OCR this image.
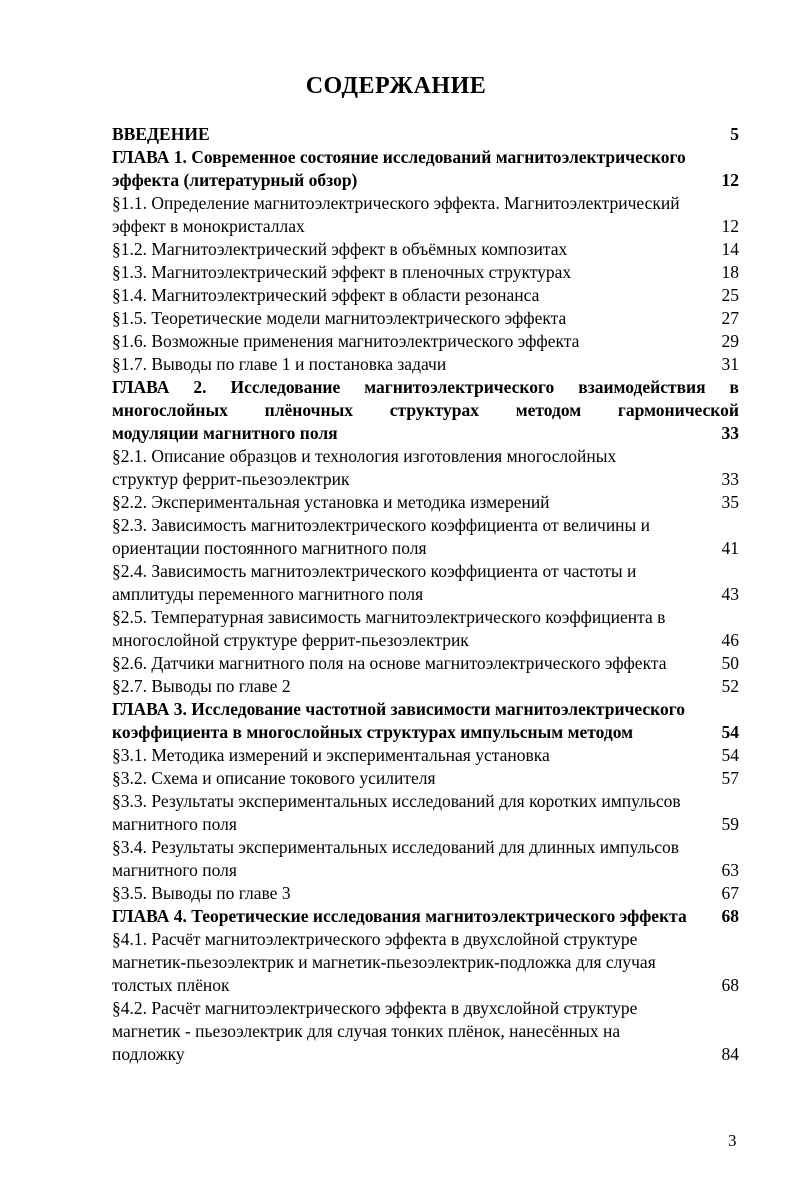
СОДЕРЖАНИЕ
ВВЕДЕНИЕ	5
ГЛАВА 1. Современное состояние исследований магнитоэлектрического
эффекта (литературный обзор)	12
§1.1. Определение магнитоэлектрического эффекта. Магнитоэлектрический
эффект в монокристаллах	12
§1.2. Магнитоэлектрический эффект в объёмных композитах	14
§1.3. Магнитоэлектрический эффект в пленочных структурах	18
§1.4. Магнитоэлектрический эффект в области резонанса	25
§1.5. Теоретические модели магнитоэлектрического эффекта	27
§1.6. Возможные применения магнитоэлектрического эффекта	29
§1.7. Выводы по главе 1 и постановка задачи	31
ГЛАВА 2. Исследование магнитоэлектрического взаимодействия в
многослойных плёночных структурах методом гармонической
модуляции магнитного поля	33
§2.1. Описание образцов и технология изготовления многослойных
структур феррит-пьезоэлектрик	33
§2.2. Экспериментальная установка и методика измерений	35
§2.3. Зависимость магнитоэлектрического коэффициента от величины и
ориентации постоянного магнитного поля	41
§2.4. Зависимость магнитоэлектрического коэффициента от частоты и
амплитуды переменного магнитного поля	43
§2.5. Температурная зависимость магнитоэлектрического коэффициента в
многослойной структуре феррит-пьезоэлектрик	46
§2.6. Датчики магнитного поля на основе магнитоэлектрического эффекта	50
§2.7. Выводы по главе 2	52
ГЛАВА 3. Исследование частотной зависимости магнитоэлектрического
коэффициента в многослойных структурах импульсным методом	54
§3.1. Методика измерений и экспериментальная установка	54
§3.2. Схема и описание токового усилителя	57
§3.3. Результаты экспериментальных исследований для коротких импульсов
магнитного поля	59
§3.4. Результаты экспериментальных исследований для длинных импульсов
магнитного поля	63
§3.5. Выводы по главе 3	67
ГЛАВА 4. Теоретические исследования магнитоэлектрического эффекта 68
§4.1. Расчёт магнитоэлектрического эффекта в двухслойной структуре
магнетик-пьезоэлектрик и магнетик-пьезоэлектрик-подложка для случая
толстых плёнок	68
§4.2. Расчёт магнитоэлектрического эффекта в двухслойной структуре
магнетик - пьезоэлектрик для случая тонких плёнок, нанесённых на
подложку	84
3
